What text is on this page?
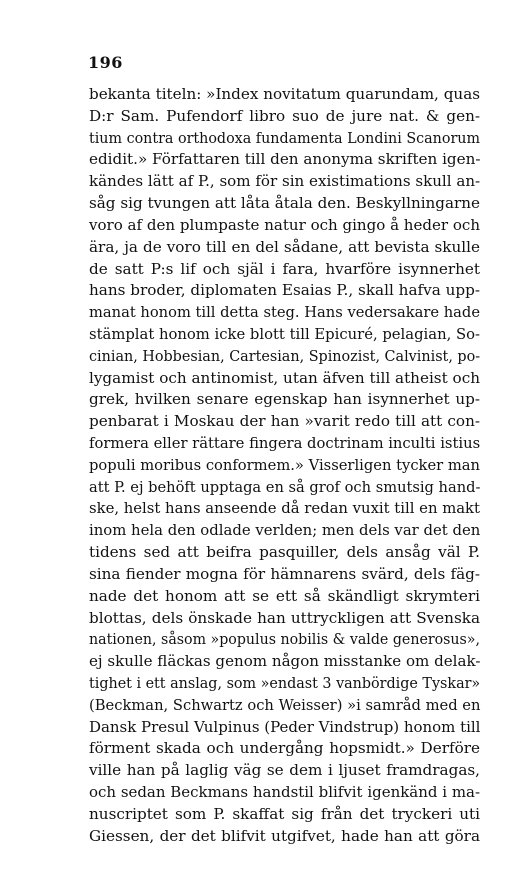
196
bekanta titeln: »Index novitatum quarundam, quas
D:r Sam. Pufendorf libro suo de jure nat. & gen-
tium contra orthodoxa fundamenta Londini Scanorum
edidit.» Författaren till den anonyma skriften igen-
kändes lätt af P., som för sin existimations skull an-
såg sig tvungen att låta åtala den. Beskyllningarne
voro af den plumpaste natur och gingo å heder och
ära, ja de voro till en del sådane, att bevista skulle
de satt P:s lif och själ i fara, hvarföre isynnerhet
hans broder, diplomaten Esaias P., skall hafva upp-
manat honom till detta steg. Hans vedersakare hade
stämplat honom icke blott till Epicuré, pelagian, So-
cinian, Hobbesian, Cartesian, Spinozist, Calvinist, po-
lygamist och antinomist, utan äfven till atheist och
grek, hvilken senare egenskap han isynnerhet up-
penbarat i Moskau der han »varit redo till att con-
formera eller rättare fingera doctrinam inculti istius
populi moribus conformem.» Visserligen tycker man
att P. ej behöft upptaga en så grof och smutsig hand-
ske, helst hans anseende då redan vuxit till en makt
inom hela den odlade verlden; men dels var det den
tidens sed att beifra pasquiller, dels ansåg väl P.
sina fiender mogna för hämnarens svärd, dels fäg-
nade det honom att se ett så skändligt skrymteri
blottas, dels önskade han uttryckligen att Svenska
nationen, såsom »populus nobilis & valde generosus»,
ej skulle fläckas genom någon misstanke om delak-
tighet i ett anslag, som »endast 3 vanbördige Tyskar»
(Beckman, Schwartz och Weisser) »i samråd med en
Dansk Presul Vulpinus (Peder Vindstrup) honom till
förment skada och undergång hopsmidt.» Derföre
ville han på laglig väg se dem i ljuset framdragas,
och sedan Beckmans handstil blifvit igenkänd i ma-
nuscriptet som P. skaffat sig från det tryckeri uti
Giessen, der det blifvit utgifvet, hade han att göra
